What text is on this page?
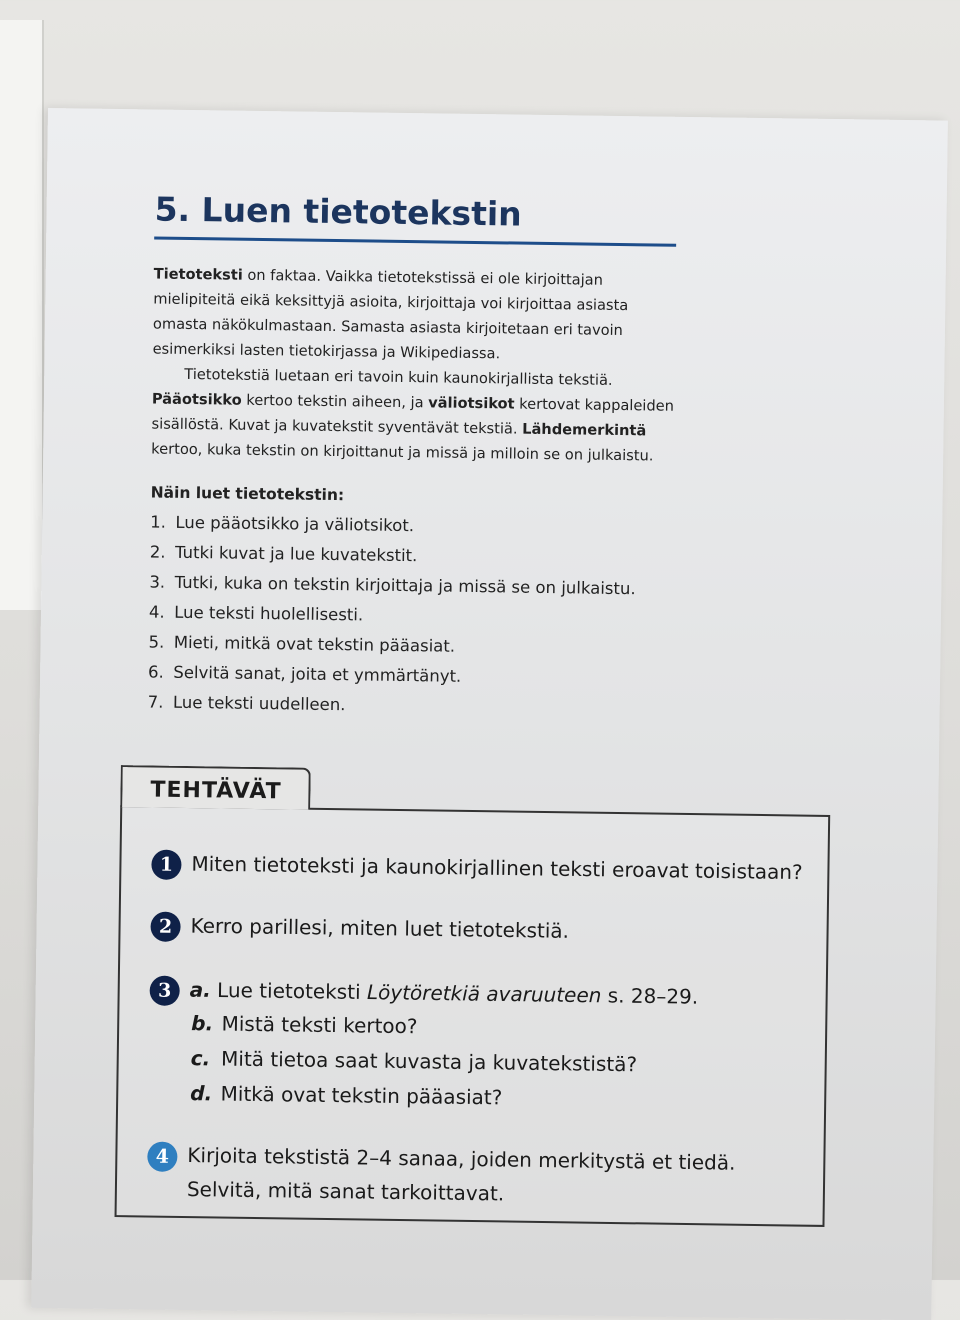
5. Luen tietotekstin

Tietoteksti on faktaa. Vaikka tietotekstissä ei ole kirjoittajan mielipiteitä eikä keksittyjä asioita, kirjoittaja voi kirjoittaa asiasta omasta näkökulmastaan. Samasta asiasta kirjoitetaan eri tavoin esimerkiksi lasten tietokirjassa ja Wikipediassa.

Tietotekstiä luetaan eri tavoin kuin kaunokirjallista tekstiä. Pääotsikko kertoo tekstin aiheen, ja väliotsikot kertovat kappaleiden sisällöstä. Kuvat ja kuvatekstit syventävät tekstiä. Lähdemerkintä kertoo, kuka tekstin on kirjoittanut ja missä ja milloin se on julkaistu.

Näin luet tietotekstin:
1. Lue pääotsikko ja väliotsikot.
2. Tutki kuvat ja lue kuvatekstit.
3. Tutki, kuka on tekstin kirjoittaja ja missä se on julkaistu.
4. Lue teksti huolellisesti.
5. Mieti, mitkä ovat tekstin pääasiat.
6. Selvitä sanat, joita et ymmärtänyt.
7. Lue teksti uudelleen.
TEHTÄVÄT
1 Miten tietoteksti ja kaunokirjallinen teksti eroavat toisistaan?
2 Kerro parillesi, miten luet tietotekstiä.
3 a. Lue tietoteksti Löytöretkiä avaruuteen s. 28–29.
b. Mistä teksti kertoo?
c. Mitä tietoa saat kuvasta ja kuvatekstistä?
d. Mitkä ovat tekstin pääasiat?
4 Kirjoita tekstistä 2–4 sanaa, joiden merkitystä et tiedä.
Selvitä, mitä sanat tarkoittavat.
